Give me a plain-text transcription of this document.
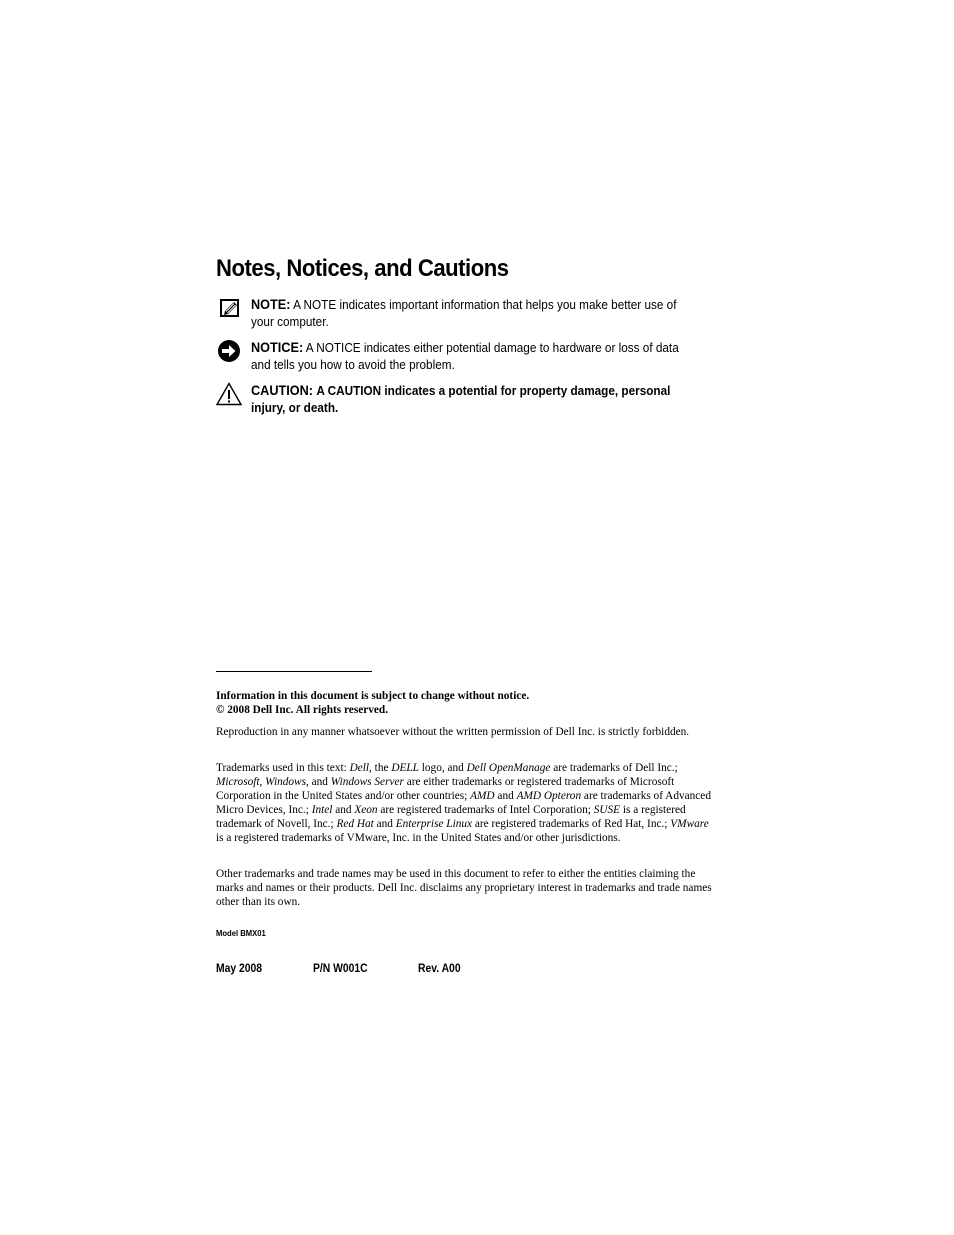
Notes, Notices, and Cautions
NOTE: A NOTE indicates important information that helps you make better use of your computer.
NOTICE: A NOTICE indicates either potential damage to hardware or loss of data and tells you how to avoid the problem.
CAUTION: A CAUTION indicates a potential for property damage, personal injury, or death.
Information in this document is subject to change without notice.
© 2008 Dell Inc. All rights reserved.
Reproduction in any manner whatsoever without the written permission of Dell Inc. is strictly forbidden.
Trademarks used in this text: Dell, the DELL logo, and Dell OpenManage are trademarks of Dell Inc.; Microsoft, Windows, and Windows Server are either trademarks or registered trademarks of Microsoft Corporation in the United States and/or other countries; AMD and AMD Opteron are trademarks of Advanced Micro Devices, Inc.; Intel and Xeon are registered trademarks of Intel Corporation; SUSE is a registered trademark of Novell, Inc.; Red Hat and Enterprise Linux are registered trademarks of Red Hat, Inc.; VMware is a registered trademarks of VMware, Inc. in the United States and/or other jurisdictions.
Other trademarks and trade names may be used in this document to refer to either the entities claiming the marks and names or their products. Dell Inc. disclaims any proprietary interest in trademarks and trade names other than its own.
Model BMX01
May 2008	P/N W001C	Rev. A00
